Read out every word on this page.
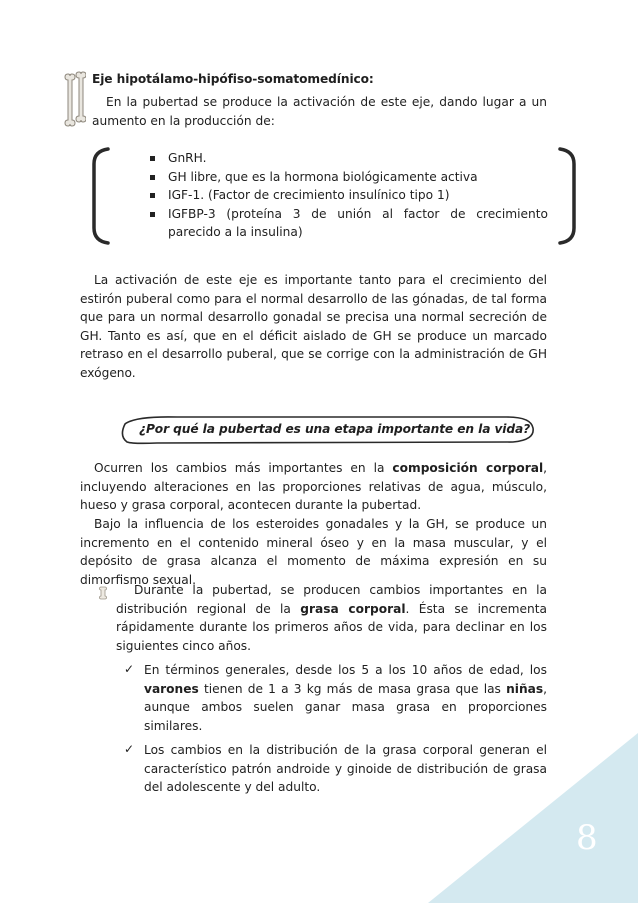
Eje hipotálamo-hipófiso-somatomedínico:

En la pubertad se produce la activación de este eje, dando lugar a un aumento en la producción de:

GnRH.
GH libre, que es la hormona biológicamente activa
IGF-1. (Factor de crecimiento insulínico tipo 1)
IGFBP-3 (proteína 3 de unión al factor de crecimiento parecido a la insulina)

La activación de este eje es importante tanto para el crecimiento del estirón puberal como para el normal desarrollo de las gónadas, de tal forma que para un normal desarrollo gonadal se precisa una normal secreción de GH. Tanto es así, que en el déficit aislado de GH se produce un marcado retraso en el desarrollo puberal, que se corrige con la administración de GH exógeno.

¿Por qué la pubertad es una etapa importante en la vida?

Ocurren los cambios más importantes en la composición corporal, incluyendo alteraciones en las proporciones relativas de agua, músculo, hueso y grasa corporal, acontecen durante la pubertad.

Bajo la influencia de los esteroides gonadales y la GH, se produce un incremento en el contenido mineral óseo y en la masa muscular, y el depósito de grasa alcanza el momento de máxima expresión en su dimorfismo sexual.

Durante la pubertad, se producen cambios importantes en la distribución regional de la grasa corporal. Ésta se incrementa rápidamente durante los primeros años de vida, para declinar en los siguientes cinco años.

✓ En términos generales, desde los 5 a los 10 años de edad, los varones tienen de 1 a 3 kg más de masa grasa que las niñas, aunque ambos suelen ganar masa grasa en proporciones similares.

✓ Los cambios en la distribución de la grasa corporal generan el característico patrón androide y ginoide de distribución de grasa del adolescente y del adulto.

8
